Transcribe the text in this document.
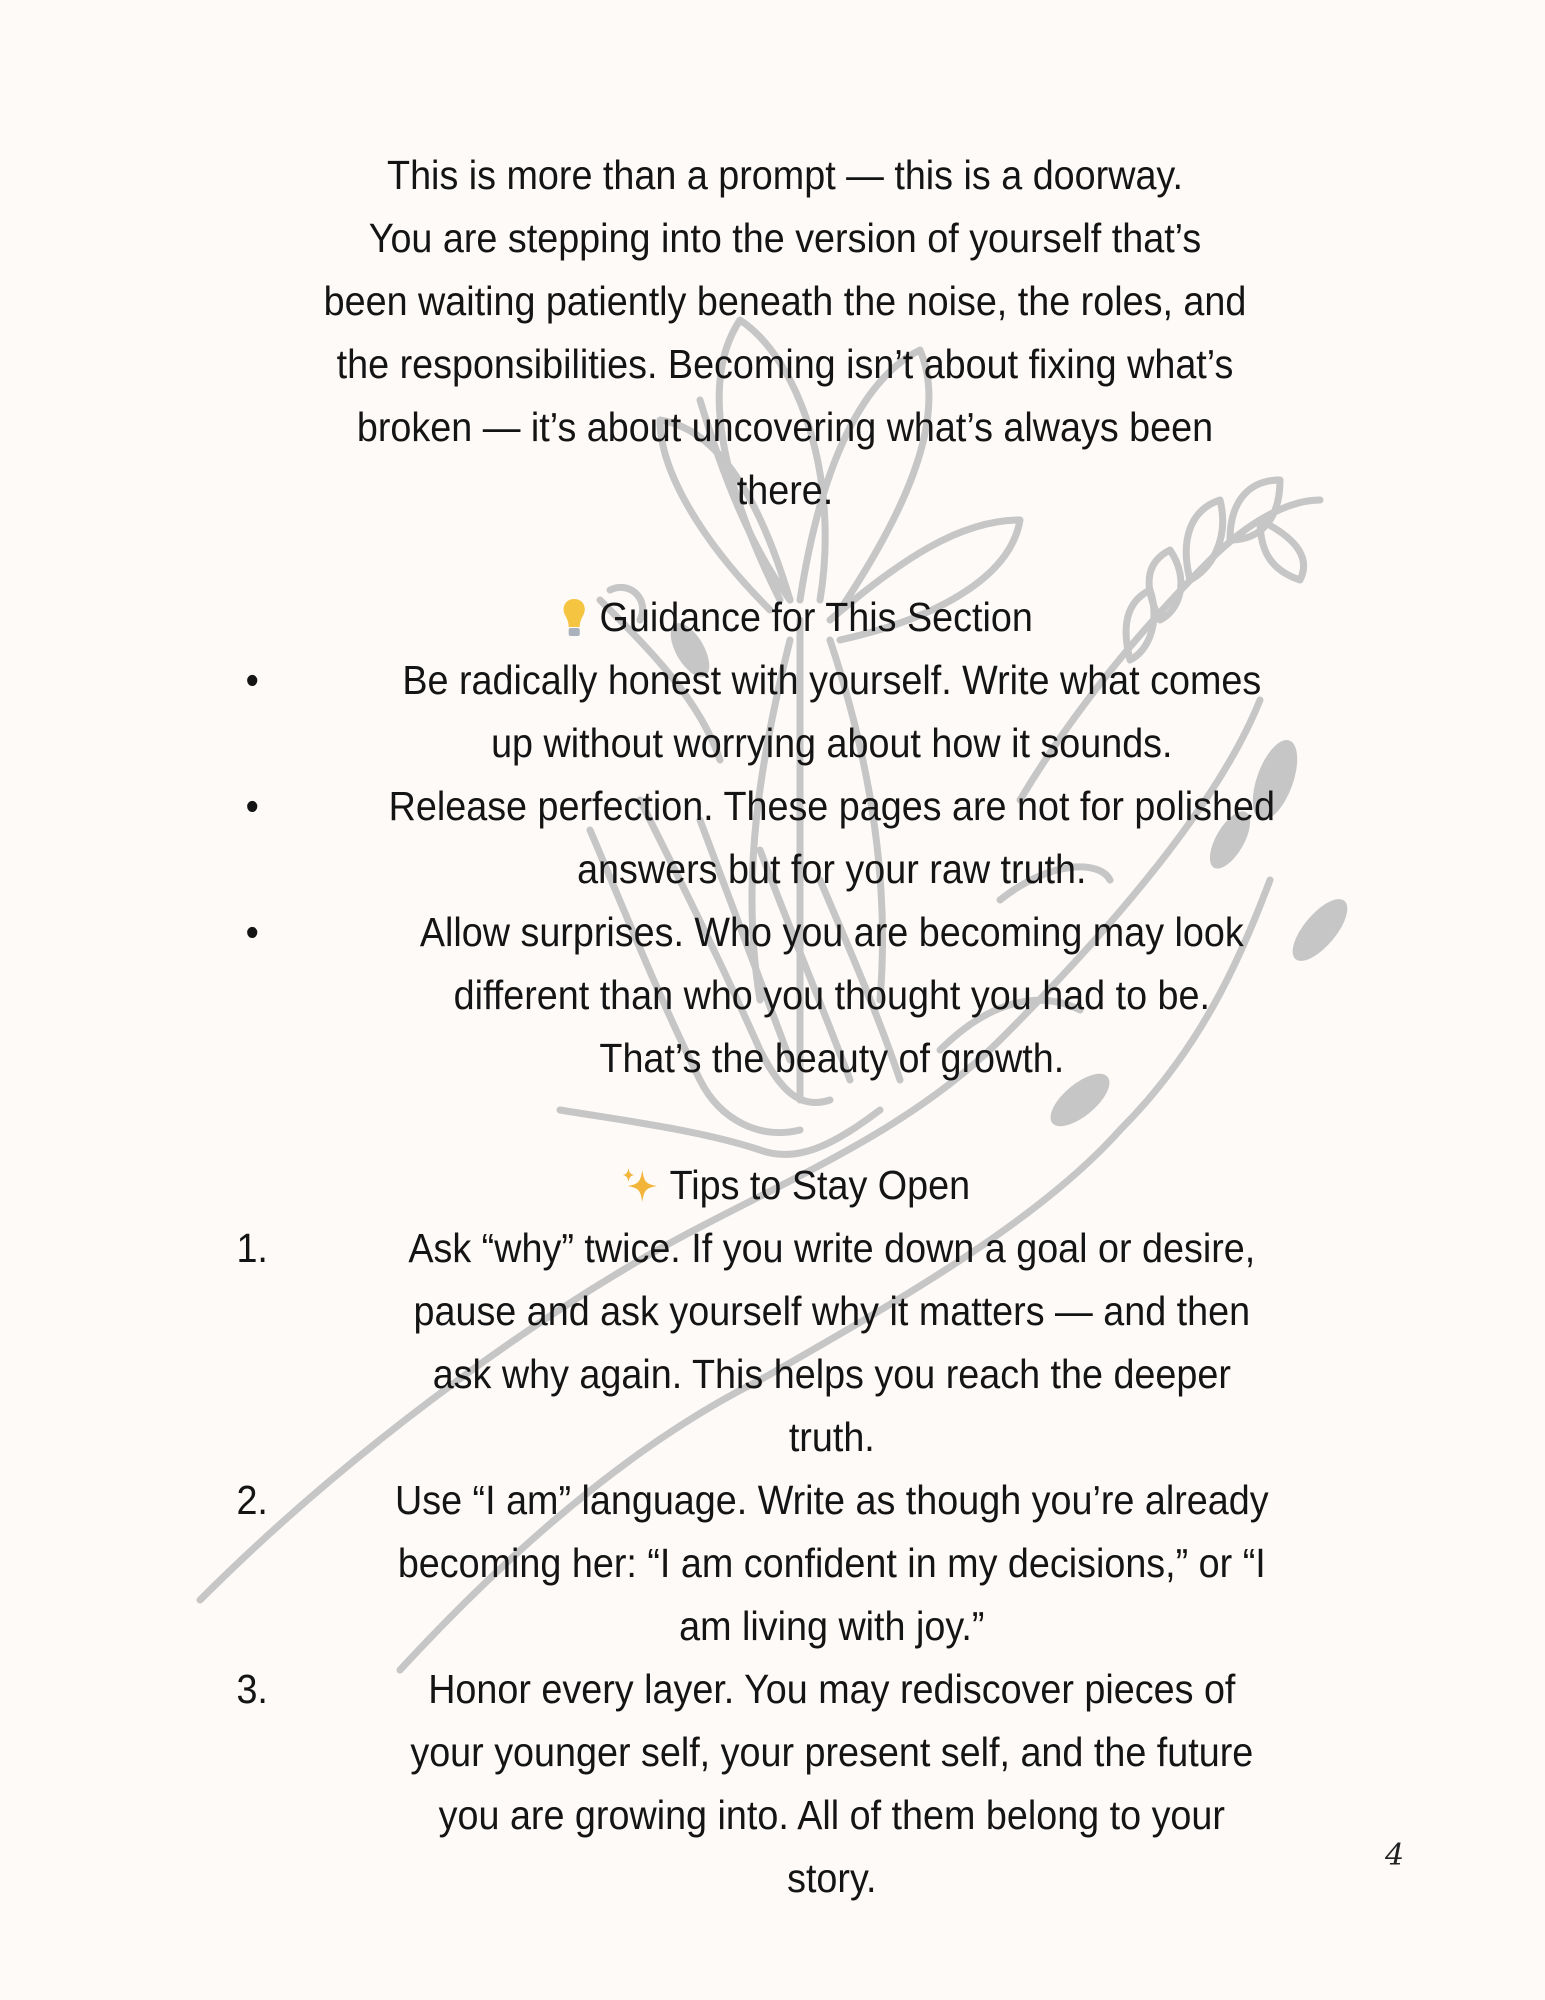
This is more than a prompt — this is a doorway.
You are stepping into the version of yourself that’s
been waiting patiently beneath the noise, the roles, and
the responsibilities. Becoming isn’t about fixing what’s
broken — it’s about uncovering what’s always been
there.
Guidance for This Section
•	Be radically honest with yourself. Write what comes
up without worrying about how it sounds.
•	Release perfection. These pages are not for polished
answers but for your raw truth.
•	Allow surprises. Who you are becoming may look
different than who you thought you had to be.
That’s the beauty of growth.
Tips to Stay Open
1.	Ask “why” twice. If you write down a goal or desire,
pause and ask yourself why it matters — and then
ask why again. This helps you reach the deeper
truth.
2.	Use “I am” language. Write as though you’re already
becoming her: “I am confident in my decisions,” or “I
am living with joy.”
3.	Honor every layer. You may rediscover pieces of
your younger self, your present self, and the future
you are growing into. All of them belong to your
story.	4
